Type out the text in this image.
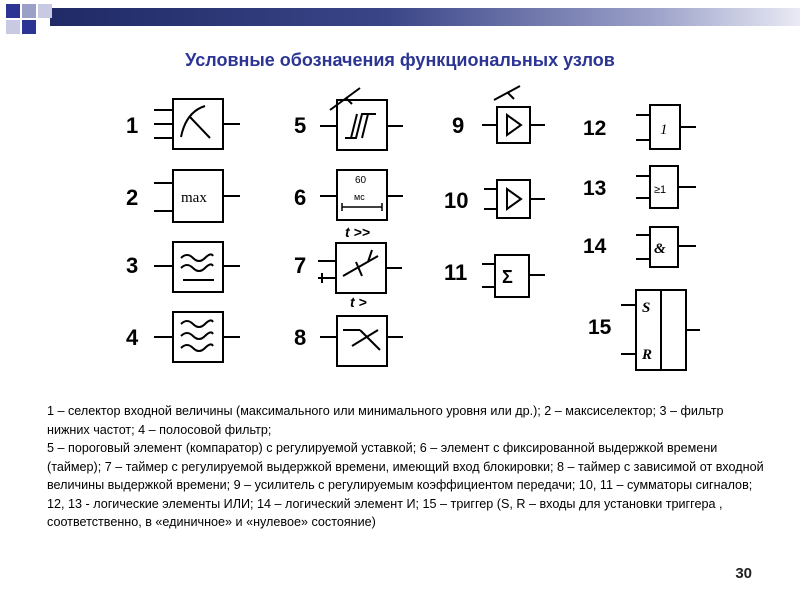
Условные обозначения функциональных узлов
1
2	max
3
4
5
6
60
мс
7
t >>
8
t >
9
10
11 Σ
12	1
13	≥1
14	&
15
S
R
1 – селектор входной величины (максимального или минимального уровня или др.); 2 – максиселектор; 3 – фильтр нижних частот; 4 – полосовой фильтр;
5 – пороговый элемент (компаратор) с регулируемой уставкой; 6 – элемент с фиксированной выдержкой времени (таймер); 7 – таймер с регулируемой выдержкой времени, имеющий вход блокировки; 8 – таймер с зависимой от входной величины выдержкой времени; 9 – усилитель с регулируемым коэффициентом передачи; 10, 11 – сумматоры сигналов; 12, 13 - логические элементы ИЛИ; 14 – логический элемент И; 15 – триггер (S, R – входы для установки триггера , соответственно, в «единичное» и «нулевое» состояние)
30
